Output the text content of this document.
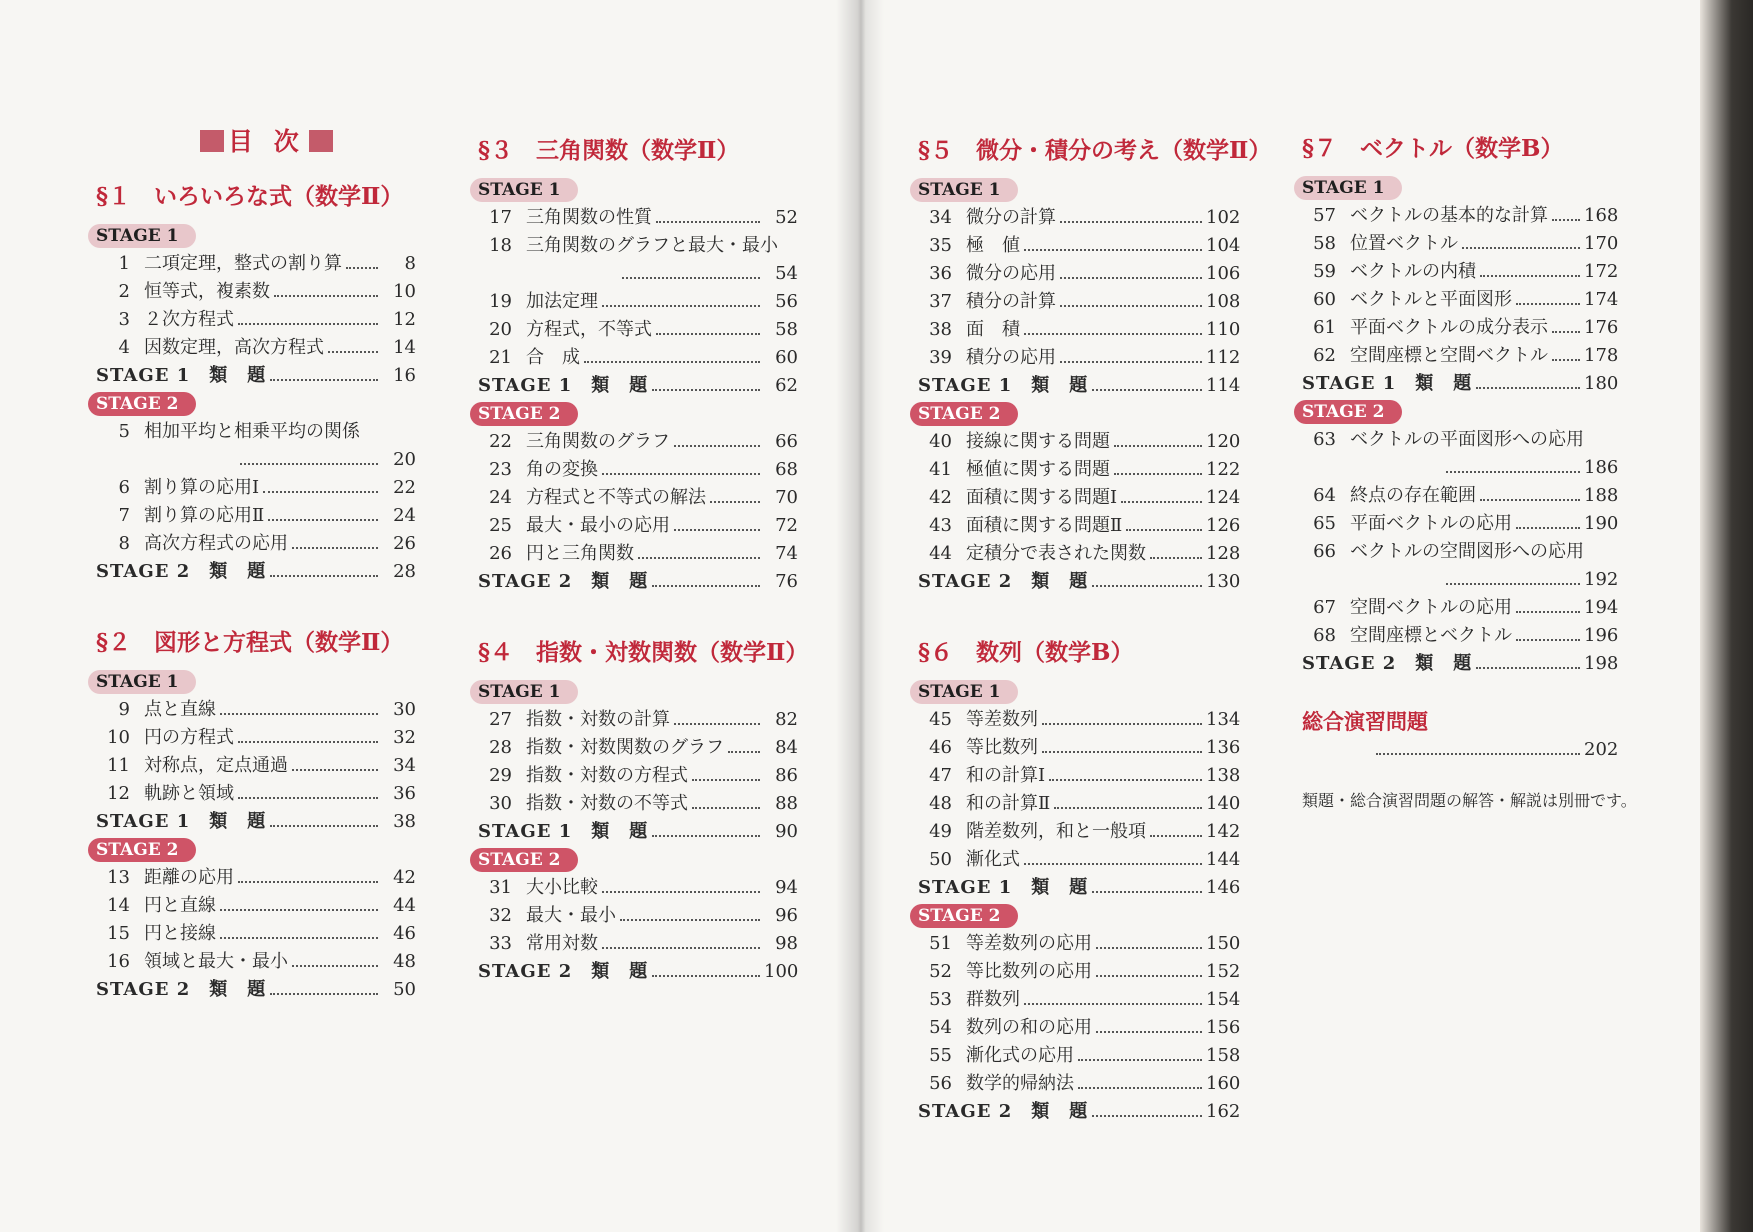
目 次
§１　いろいろな式（数学Ⅱ）
STAGE 1
1 二項定理，整式の割り算	8
2 恒等式，複素数	10
3 ２次方程式	12
4 因数定理，高次方程式	14
STAGE 1　類　題	16
STAGE 2
5 相加平均と相乗平均の関係
20
6 割り算の応用Ⅰ	22
7 割り算の応用Ⅱ	24
8 高次方程式の応用	26
STAGE 2　類　題	28
§２　図形と方程式（数学Ⅱ）
STAGE 1
9 点と直線	30
10 円の方程式	32
11 対称点，定点通過	34
12 軌跡と領域	36
STAGE 1　類　題	38
STAGE 2
13 距離の応用	42
14 円と直線	44
15 円と接線	46
16 領域と最大・最小	48
STAGE 2　類　題	50
§３　三角関数（数学Ⅱ）
STAGE 1
17 三角関数の性質	52
18 三角関数のグラフと最大・最小
54
19 加法定理	56
20 方程式，不等式	58
21 合　成	60
STAGE 1　類　題	62
STAGE 2
22 三角関数のグラフ	66
23 角の変換	68
24 方程式と不等式の解法	70
25 最大・最小の応用	72
26 円と三角関数	74
STAGE 2　類　題	76
§４　指数・対数関数（数学Ⅱ）
STAGE 1
27 指数・対数の計算	82
28 指数・対数関数のグラフ	84
29 指数・対数の方程式	86
30 指数・対数の不等式	88
STAGE 1　類　題	90
STAGE 2
31 大小比較	94
32 最大・最小	96
33 常用対数	98
STAGE 2　類　題	100
§５　微分・積分の考え（数学Ⅱ）
STAGE 1
34 微分の計算	102
35 極　値	104
36 微分の応用	106
37 積分の計算	108
38 面　積	110
39 積分の応用	112
STAGE 1　類　題	114
STAGE 2
40 接線に関する問題	120
41 極値に関する問題	122
42 面積に関する問題Ⅰ	124
43 面積に関する問題Ⅱ	126
44 定積分で表された関数	128
STAGE 2　類　題	130
§６　数列（数学B）
STAGE 1
45 等差数列	134
46 等比数列	136
47 和の計算Ⅰ	138
48 和の計算Ⅱ	140
49 階差数列，和と一般項	142
50 漸化式	144
STAGE 1　類　題	146
STAGE 2
51 等差数列の応用	150
52 等比数列の応用	152
53 群数列	154
54 数列の和の応用	156
55 漸化式の応用	158
56 数学的帰納法	160
STAGE 2　類　題	162
§７　ベクトル（数学B）
STAGE 1
57 ベクトルの基本的な計算 168
58 位置ベクトル	170
59 ベクトルの内積	172
60 ベクトルと平面図形	174
61 平面ベクトルの成分表示 176
62 空間座標と空間ベクトル 178
STAGE 1　類　題	180
STAGE 2
63 ベクトルの平面図形への応用
186
64 終点の存在範囲	188
65 平面ベクトルの応用	190
66 ベクトルの空間図形への応用
192
67 空間ベクトルの応用	194
68 空間座標とベクトル	196
STAGE 2　類　題	198
総合演習問題
202
類題・総合演習問題の解答・解説は別冊です。
